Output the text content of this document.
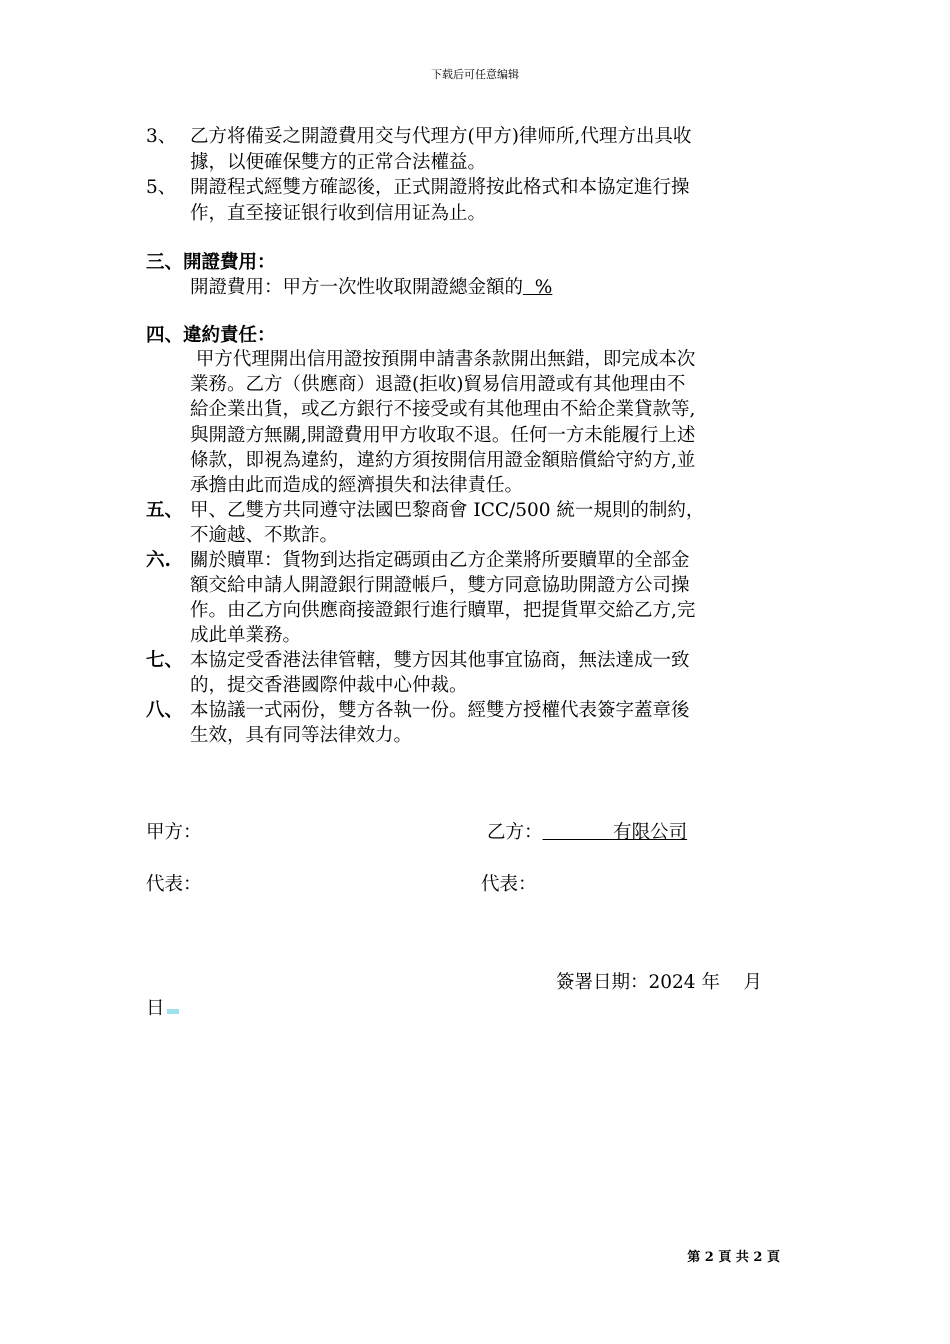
下载后可任意编辑
3、 乙方将備妥之開證費用交与代理方(甲方)律师所,代理方出具收
據，以便確保雙方的正常合法權益。
5、 開證程式經雙方確認後，正式開證將按此格式和本協定進行操
作，直至接证银行收到信用证為止。
三、開證費用：
開證費用：甲方一次性收取開證總金額的  %
四、違約責任：
甲方代理開出信用證按預開申請書条款開出無錯，即完成本次
業務。乙方（供應商）退證(拒收)貿易信用證或有其他理由不
給企業出貨，或乙方銀行不接受或有其他理由不給企業貸款等,
與開證方無關,開證費用甲方收取不退。任何一方未能履行上述
條款，即視為違約，違約方須按開信用證金額賠償給守約方,並
承擔由此而造成的經濟損失和法律責任。
五、 甲、乙雙方共同遵守法國巴黎商會 ICC/500 統一規則的制約，
不逾越、不欺詐。
六. 關於贖單：貨物到达指定碼頭由乙方企業將所要贖單的全部金
額交給申請人開證銀行開證帳戶，雙方同意協助開證方公司操
作。由乙方向供應商接證銀行進行贖單，把提貨單交給乙方,完
成此单業務。
七、 本協定受香港法律管轄，雙方因其他事宜協商，無法達成一致
的，提交香港國際仲裁中心仲裁。
八、 本協議一式兩份，雙方各執一份。經雙方授權代表簽字蓋章後
生效，具有同等法律效力。
甲方：	乙方：            有限公司
代表：	代表：
簽署日期：2024 年    月
日
第 2 頁 共 2 頁
